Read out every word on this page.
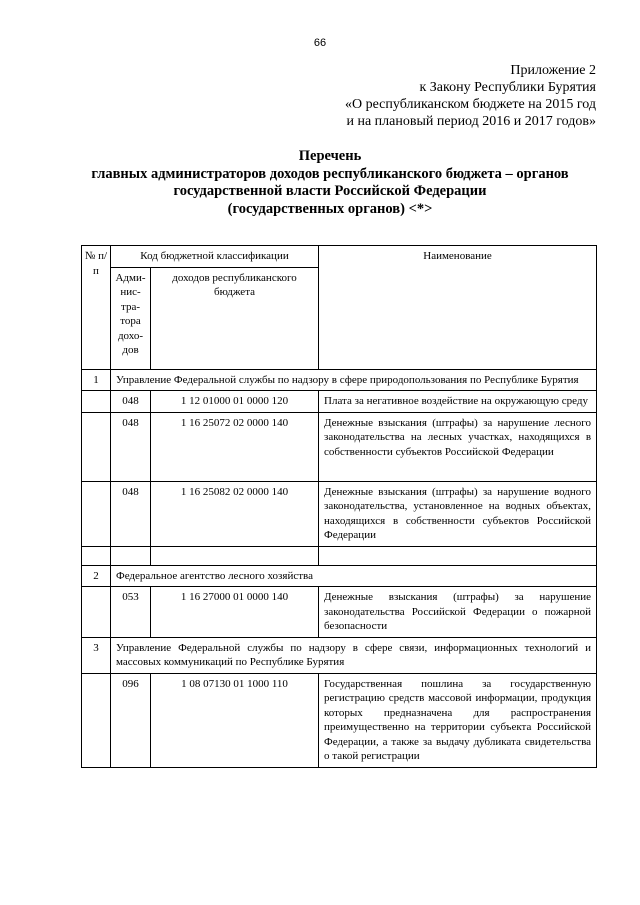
66
Приложение 2
к Закону Республики Бурятия
«О республиканском бюджете на 2015 год
и на плановый период 2016 и 2017 годов»
Перечень
главных администраторов доходов республиканского бюджета – органов
государственной власти Российской Федерации
(государственных органов) <*>
№ п/п	Код бюджетной классификации		Наименование
	Адми-нис-тра-тора дохо-дов	доходов республиканского бюджета	
1	Управление Федеральной службы по надзору в сфере природопользования по Республике Бурятия		
	048	1 12 01000 01 0000 120	Плата за негативное воздействие на окружающую среду
	048	1 16 25072 02 0000 140	Денежные взыскания (штрафы) за нарушение лесного законодательства на лесных участках, находящихся в собственности субъектов Российской Федерации
	048	1 16 25082 02 0000 140	Денежные взыскания (штрафы) за нарушение водного законодательства, установленное на водных объектах, находящихся в собственности субъектов Российской Федерации

2	Федеральное агентство лесного хозяйства		
	053	1 16 27000 01 0000 140	Денежные взыскания (штрафы) за нарушение законодательства Российской Федерации о пожарной безопасности
3	Управление Федеральной службы по надзору в сфере связи, информационных технологий и массовых коммуникаций по Республике Бурятия		
	096	1 08 07130 01 1000 110	Государственная пошлина за государственную регистрацию средств массовой информации, продукция которых предназначена для распространения преимущественно на территории субъекта Российской Федерации, а также за выдачу дубликата свидетельства о такой регистрации
